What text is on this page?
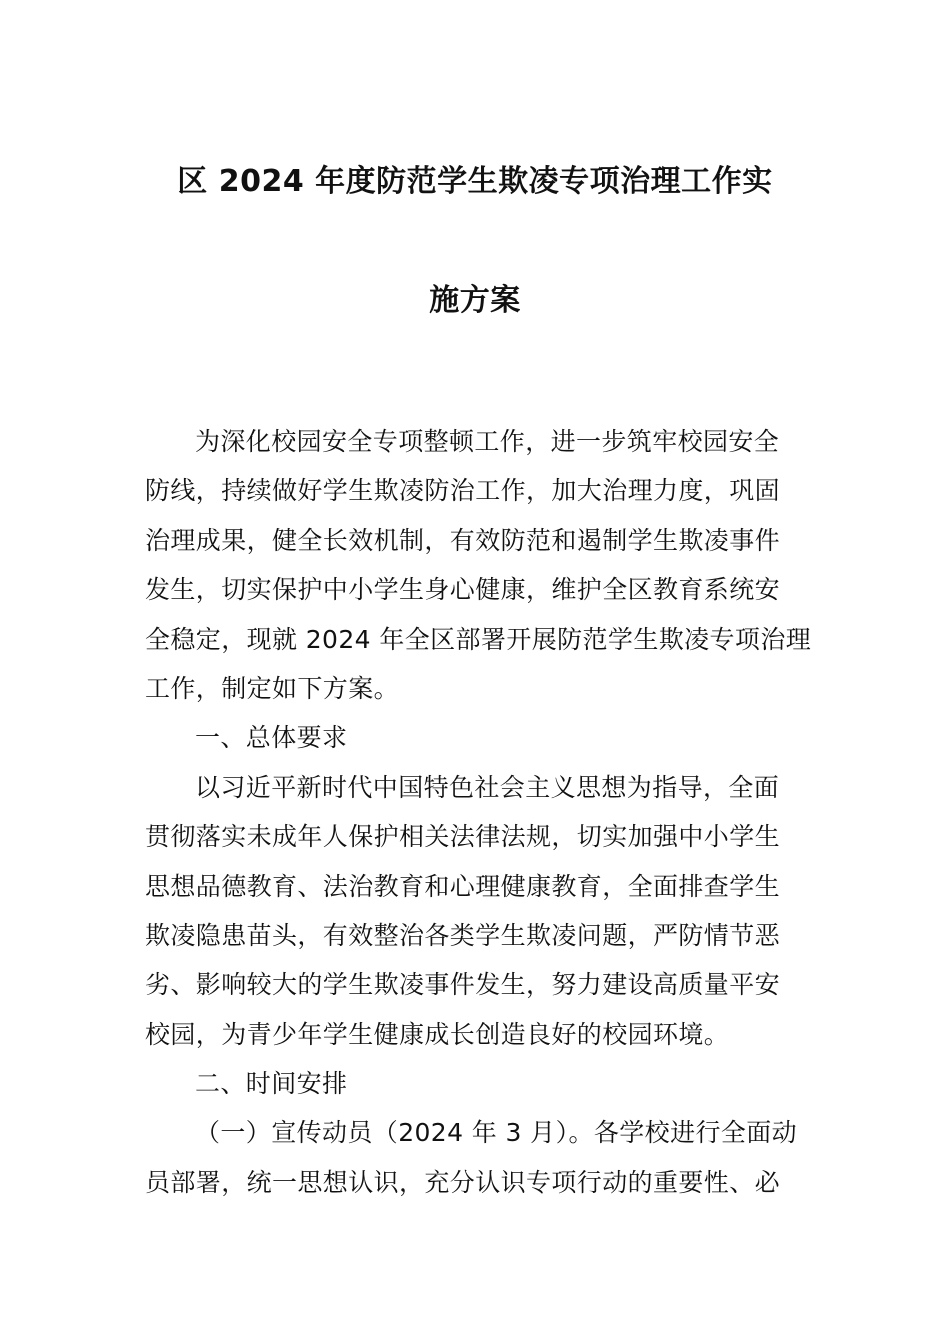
区 2024 年度防范学生欺凌专项治理工作实
施方案
为深化校园安全专项整顿工作，进一步筑牢校园安全
防线，持续做好学生欺凌防治工作，加大治理力度，巩固
治理成果，健全长效机制，有效防范和遏制学生欺凌事件
发生，切实保护中小学生身心健康，维护全区教育系统安
全稳定，现就 2024 年全区部署开展防范学生欺凌专项治理
工作，制定如下方案。
一、总体要求
以习近平新时代中国特色社会主义思想为指导，全面
贯彻落实未成年人保护相关法律法规，切实加强中小学生
思想品德教育、法治教育和心理健康教育，全面排查学生
欺凌隐患苗头，有效整治各类学生欺凌问题，严防情节恶
劣、影响较大的学生欺凌事件发生，努力建设高质量平安
校园，为青少年学生健康成长创造良好的校园环境。
二、时间安排
（一）宣传动员（2024 年 3 月）。各学校进行全面动
员部署，统一思想认识，充分认识专项行动的重要性、必
